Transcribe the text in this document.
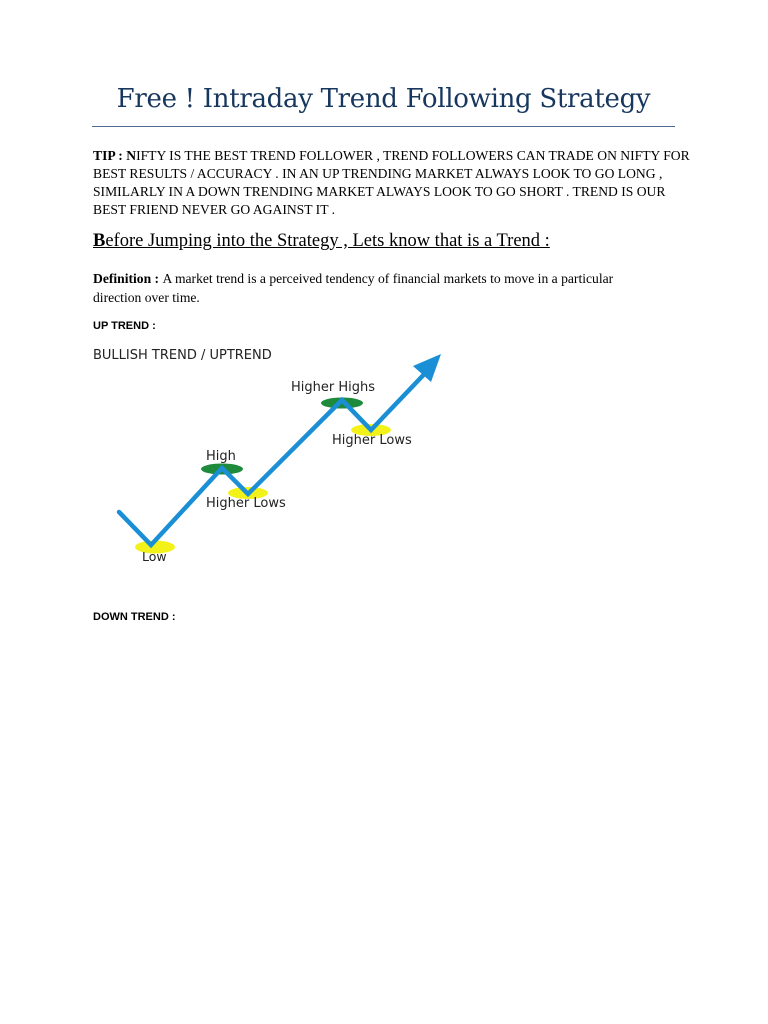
Free ! Intraday Trend Following Strategy
TIP : NIFTY IS THE BEST TREND FOLLOWER , TREND FOLLOWERS CAN TRADE ON NIFTY FOR
BEST RESULTS / ACCURACY . IN AN UP TRENDING MARKET ALWAYS LOOK TO GO LONG ,
SIMILARLY IN A DOWN TRENDING MARKET ALWAYS LOOK TO GO SHORT . TREND IS OUR
BEST FRIEND NEVER GO AGAINST IT .
Before Jumping into the Strategy , Lets know that is a Trend :
Definition : A market trend is a perceived tendency of financial markets to move in a particular
direction over time.
UP TREND :
BULLISH TREND / UPTREND
Low
High
Higher Lows
Higher Highs
Higher Lows
DOWN TREND :
